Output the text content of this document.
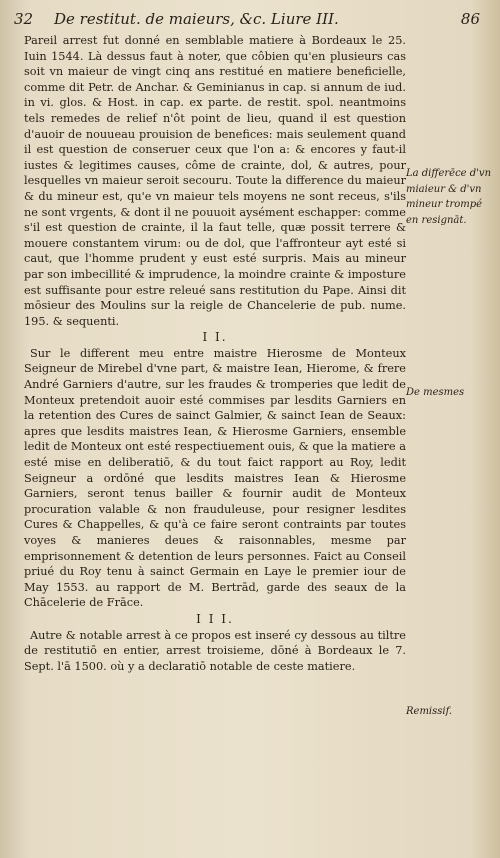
32 De restitut. de maieurs, &c. Liure III.	86

Pareil arrest fut donné en semblable matiere à Bordeaux le 25. Iuin 1544. Là dessus faut à noter, que côbien qu'en plusieurs cas soit vn maieur de vingt cinq ans restitué en matiere beneficielle, comme dit Petr. de Anchar. & Geminianus in cap. si annum de iud. in vi. glos. & Host. in cap. ex parte. de restit. spol. neantmoins tels remedes de relief n'ôt point de lieu, quand il est question d'auoir de nouueau prouision de benefices: mais seulement quand il est question de conseruer ceux que l'on a: & encores y faut-il iustes & legitimes causes, côme de crainte, dol, & autres, pour lesquelles vn maieur seroit secouru. Toute la difference du maieur & du mineur est, qu'e vn maieur tels moyens ne sont receus, s'ils ne sont vrgents, & dont il ne pouuoit aysément eschapper: comme s'il est question de crainte, il la faut telle, quæ possit terrere & mouere constantem virum: ou de dol, que l'affronteur ayt esté si caut, que l'homme prudent y eust esté surpris. Mais au mineur par son imbecillité & imprudence, la moindre crainte & imposture est suffisante pour estre releué sans restitution du Pape. Ainsi dit mōsieur des Moulins sur la reigle de Chancelerie de pub. nume. 195. & sequenti.

I I.

Sur le different meu entre maistre Hierosme de Monteux Seigneur de Mirebel d'vne part, & maistre Iean, Hierome, & frere André Garniers d'autre, sur les fraudes & tromperies que ledit de Monteux pretendoit auoir esté commises par lesdits Garniers en la retention des Cures de sainct Galmier, & sainct Iean de Seaux: apres que lesdits maistres Iean, & Hierosme Garniers, ensemble ledit de Monteux ont esté respectiuement ouis, & que la matiere a esté mise en deliberatiō, & du tout faict rapport au Roy, ledit Seigneur a ordōné que lesdits maistres Iean & Hierosme Garniers, seront tenus bailler & fournir audit de Monteux procuration valable & non frauduleuse, pour resigner lesdites Cures & Chappelles, & qu'à ce faire seront contraints par toutes voyes & manieres deues & raisonnables, mesme par emprisonnement & detention de leurs personnes. Faict au Conseil priué du Roy tenu à sainct Germain en Laye le premier iour de May 1553. au rapport de M. Bertrād, garde des seaux de la Chācelerie de Frāce.

I I I.

Autre & notable arrest à ce propos est inseré cy dessous au tiltre de restitutiō en entier, arrest troisieme, dōné à Bordeaux le 7. Sept. l'ā 1500. où y a declaratiō notable de ceste matiere.

La differēce d'vn miaieur & d'vn mineur trompé en resignāt.
De mesmes
Remissif.
